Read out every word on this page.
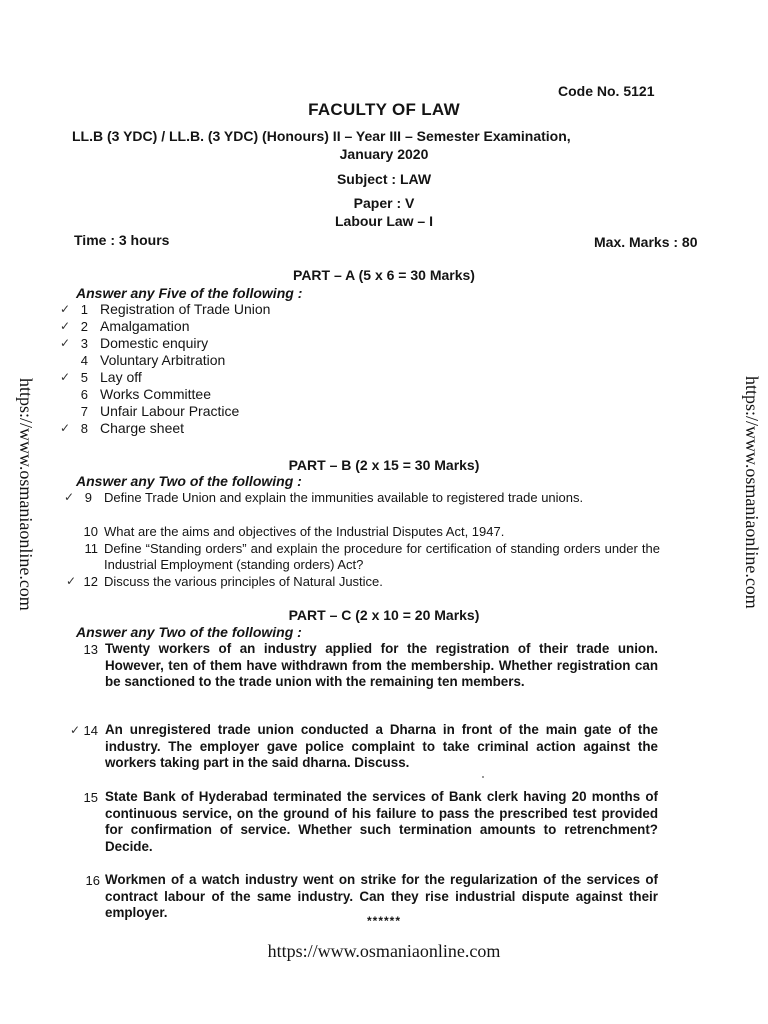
Code No. 5121
FACULTY OF LAW
LL.B (3 YDC) / LL.B. (3 YDC) (Honours) II – Year III – Semester Examination,
January 2020
Subject : LAW
Paper : V
Labour Law – I
Time : 3 hours	Max. Marks : 80
PART – A (5 x 6 = 30 Marks)
Answer any Five of the following :
1 Registration of Trade Union
2 Amalgamation
3 Domestic enquiry
4 Voluntary Arbitration
5 Lay off
6 Works Committee
7 Unfair Labour Practice
8 Charge sheet
✓
✓
✓
✓
✓
PART – B (2 x 15 = 30 Marks)
Answer any Two of the following :
9 Define Trade Union and explain the immunities available to registered trade unions.
10 What are the aims and objectives of the Industrial Disputes Act, 1947.
11 Define “Standing orders” and explain the procedure for certification of standing orders under the Industrial Employment (standing orders) Act?
12 Discuss the various principles of Natural Justice.
✓
✓
PART – C (2 x 10 = 20 Marks)
Answer any Two of the following :
13 Twenty workers of an industry applied for the registration of their trade union. However, ten of them have withdrawn from the membership. Whether registration can be sanctioned to the trade union with the remaining ten members.
14 An unregistered trade union conducted a Dharna in front of the main gate of the industry. The employer gave police complaint to take criminal action against the workers taking part in the said dharna. Discuss.
15 State Bank of Hyderabad terminated the services of Bank clerk having 20 months of continuous service, on the ground of his failure to pass the prescribed test provided for confirmation of service. Whether such termination amounts to retrenchment? Decide.
16 Workmen of a watch industry went on strike for the regularization of the services of contract labour of the same industry. Can they rise industrial dispute against their employer.
✓
******
https://www.osmaniaonline.com
https://www.osmaniaonline.com	https://www.osmaniaonline.com
